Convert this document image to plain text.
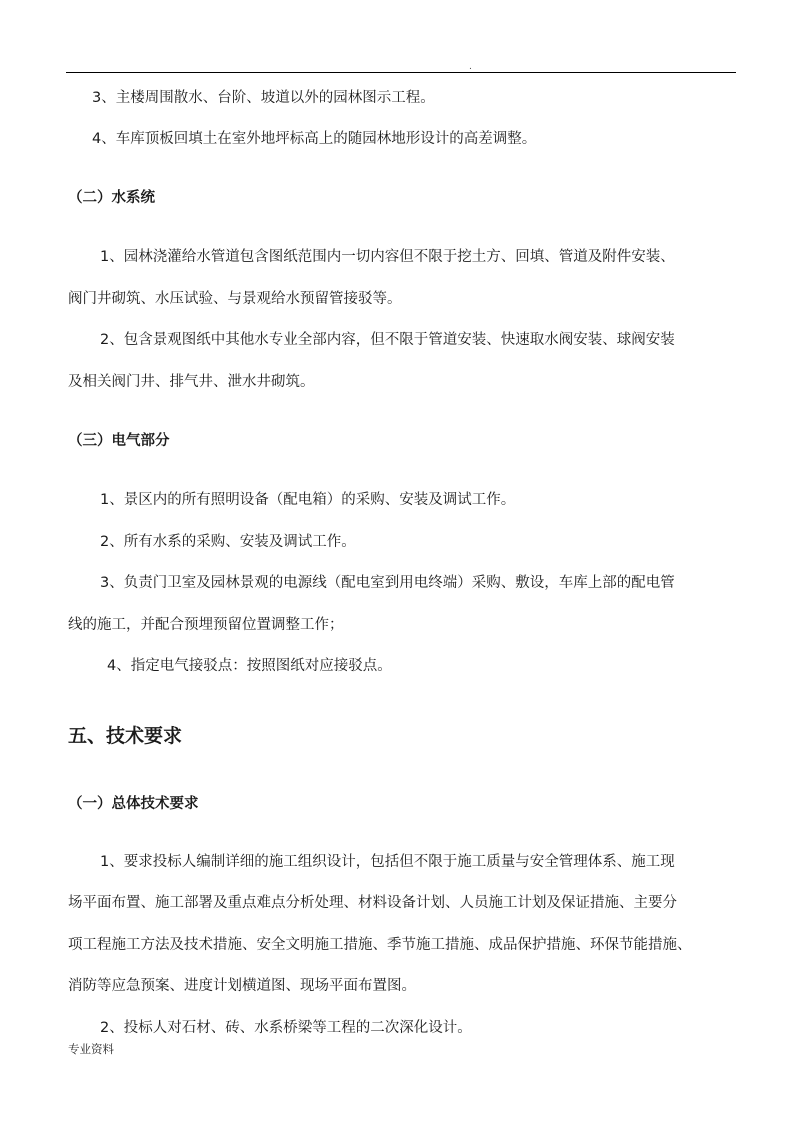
.
3、主楼周围散水、台阶、坡道以外的园林图示工程。
4、车库顶板回填土在室外地坪标高上的随园林地形设计的高差调整。
（二）水系统
1、园林浇灌给水管道包含图纸范围内一切内容但不限于挖土方、回填、管道及附件安装、
阀门井砌筑、水压试验、与景观给水预留管接驳等。
2、包含景观图纸中其他水专业全部内容，但不限于管道安装、快速取水阀安装、球阀安装
及相关阀门井、排气井、泄水井砌筑。
（三）电气部分
1、景区内的所有照明设备（配电箱）的采购、安装及调试工作。
2、所有水系的采购、安装及调试工作。
3、负责门卫室及园林景观的电源线（配电室到用电终端）采购、敷设，车库上部的配电管
线的施工，并配合预埋预留位置调整工作；
4、指定电气接驳点：按照图纸对应接驳点。
五、技术要求
（一）总体技术要求
1、要求投标人编制详细的施工组织设计，包括但不限于施工质量与安全管理体系、施工现
场平面布置、施工部署及重点难点分析处理、材料设备计划、人员施工计划及保证措施、主要分
项工程施工方法及技术措施、安全文明施工措施、季节施工措施、成品保护措施、环保节能措施、
消防等应急预案、进度计划横道图、现场平面布置图。
2、投标人对石材、砖、水系桥梁等工程的二次深化设计。
专业资料
